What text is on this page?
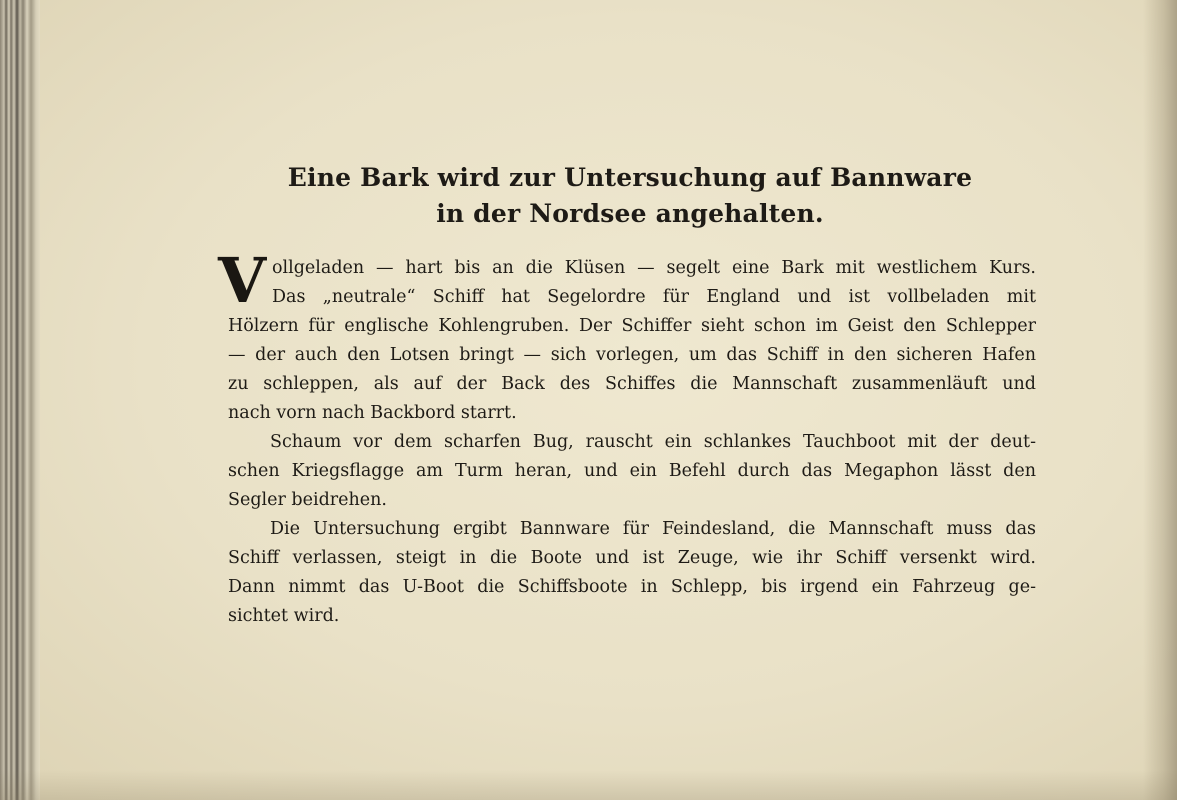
Eine Bark wird zur Untersuchung auf Bannware
in der Nordsee angehalten.
V ollgeladen — hart bis an die Klüsen — segelt eine Bark mit westlichem Kurs.
Das „neutrale“ Schiff hat Segelordre für England und ist vollbeladen mit
Hölzern für englische Kohlengruben. Der Schiffer sieht schon im Geist den Schlepper
— der auch den Lotsen bringt — sich vorlegen, um das Schiff in den sicheren Hafen
zu schleppen, als auf der Back des Schiffes die Mannschaft zusammenläuft und
nach vorn nach Backbord starrt.
Schaum vor dem scharfen Bug, rauscht ein schlankes Tauchboot mit der deut-
schen Kriegsflagge am Turm heran, und ein Befehl durch das Megaphon lässt den
Segler beidrehen.
Die Untersuchung ergibt Bannware für Feindesland, die Mannschaft muss das
Schiff verlassen, steigt in die Boote und ist Zeuge, wie ihr Schiff versenkt wird.
Dann nimmt das U-Boot die Schiffsboote in Schlepp, bis irgend ein Fahrzeug ge-
sichtet wird.
